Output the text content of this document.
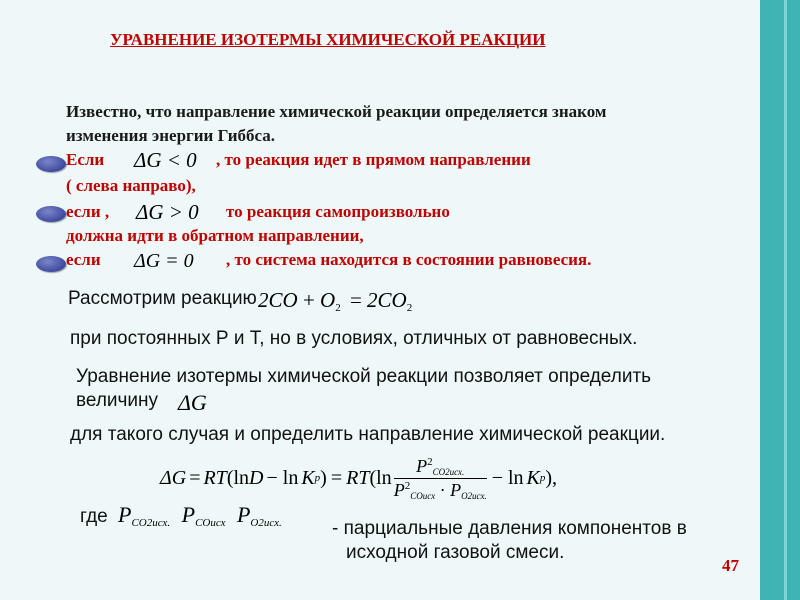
УРАВНЕНИЕ ИЗОТЕРМЫ ХИМИЧЕСКОЙ РЕАКЦИИ
Известно, что направление химической реакции определяется знаком
изменения энергии Гиббса.
Если ΔG < 0 , то реакция идет в прямом направлении
( слева направо),
если , ΔG > 0 то реакция самопроизвольно
должна идти в обратном направлении,
если ΔG = 0 , то система находится в состоянии равновесия.
Рассмотрим реакцию $2CO + O_2 = 2CO_2$
при постоянных Р и Т, но в условиях, отличных от равновесных.
Уравнение изотермы химической реакции позволяет определить
величину ΔG
для такого случая и определить направление химической реакции.
ΔG = RT (ln D − ln K p ) = RT ($\ln \frac{P^2CO2исх.}{P^2COисх \cdot PO2исх.} - \ln K$ p ),
где $P_{CO2исх.}$ $P_{COисх}$ $P_{O2исх.}$	- парциальные давления компонентов в
исходной газовой смеси.
47
